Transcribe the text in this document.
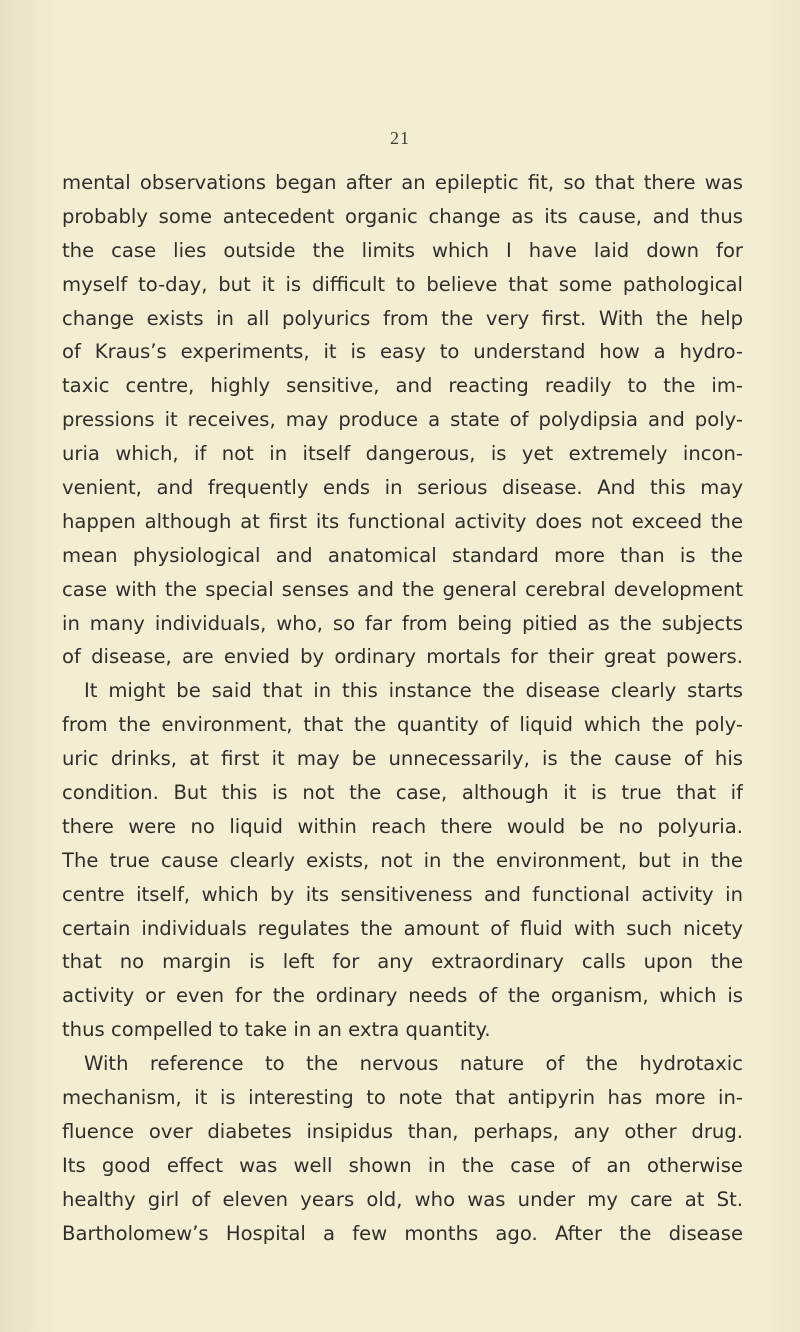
21
mental observations began after an epileptic fit, so that there was
probably some antecedent organic change as its cause, and thus
the case lies outside the limits which I have laid down for
myself to-day, but it is difficult to believe that some pathological
change exists in all polyurics from the very first. With the help
of Kraus’s experiments, it is easy to understand how a hydro-
taxic centre, highly sensitive, and reacting readily to the im-
pressions it receives, may produce a state of polydipsia and poly-
uria which, if not in itself dangerous, is yet extremely incon-
venient, and frequently ends in serious disease. And this may
happen although at first its functional activity does not exceed the
mean physiological and anatomical standard more than is the
case with the special senses and the general cerebral development
in many individuals, who, so far from being pitied as the subjects
of disease, are envied by ordinary mortals for their great powers.
It might be said that in this instance the disease clearly starts
from the environment, that the quantity of liquid which the poly-
uric drinks, at first it may be unnecessarily, is the cause of his
condition. But this is not the case, although it is true that if
there were no liquid within reach there would be no polyuria.
The true cause clearly exists, not in the environment, but in the
centre itself, which by its sensitiveness and functional activity in
certain individuals regulates the amount of fluid with such nicety
that no margin is left for any extraordinary calls upon the
activity or even for the ordinary needs of the organism, which is
thus compelled to take in an extra quantity.
With reference to the nervous nature of the hydrotaxic
mechanism, it is interesting to note that antipyrin has more in-
fluence over diabetes insipidus than, perhaps, any other drug.
Its good effect was well shown in the case of an otherwise
healthy girl of eleven years old, who was under my care at St.
Bartholomew’s Hospital a few months ago. After the disease
